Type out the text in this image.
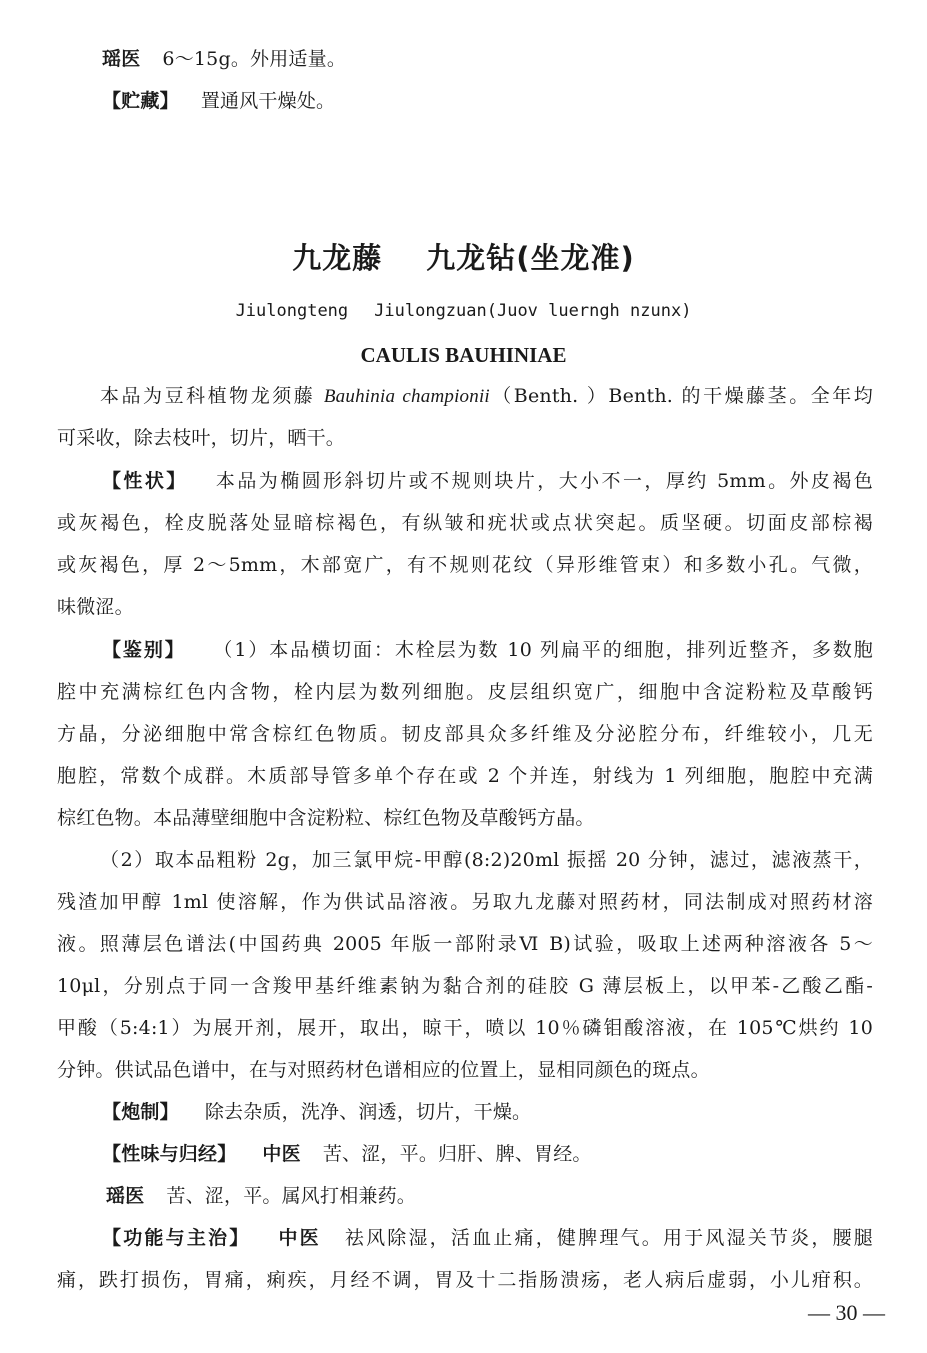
瑶医 6～15g。外用适量。
【贮藏】 置通风干燥处。
九龙藤 九龙钻(坐龙准)
Jiulongteng Jiulongzuan(Juov luerngh nzunx)
CAULIS BAUHINIAE
本品为豆科植物龙须藤 Bauhinia championii（Benth. ）Benth. 的干燥藤茎。全年均
可采收，除去枝叶，切片，晒干。
【性状】 本品为椭圆形斜切片或不规则块片，大小不一，厚约 5mm。外皮褐色
或灰褐色，栓皮脱落处显暗棕褐色，有纵皱和疣状或点状突起。质坚硬。切面皮部棕褐
或灰褐色，厚 2～5mm，木部宽广，有不规则花纹（异形维管束）和多数小孔。气微，
味微涩。
【鉴别】 （1）本品横切面：木栓层为数 10 列扁平的细胞，排列近整齐，多数胞
腔中充满棕红色内含物，栓内层为数列细胞。皮层组织宽广，细胞中含淀粉粒及草酸钙
方晶，分泌细胞中常含棕红色物质。韧皮部具众多纤维及分泌腔分布，纤维较小，几无
胞腔，常数个成群。木质部导管多单个存在或 2 个并连，射线为 1 列细胞，胞腔中充满
棕红色物。本品薄壁细胞中含淀粉粒、棕红色物及草酸钙方晶。
（2）取本品粗粉 2g，加三氯甲烷-甲醇(8:2)20ml 振摇 20 分钟，滤过，滤液蒸干，
残渣加甲醇 1ml 使溶解，作为供试品溶液。另取九龙藤对照药材，同法制成对照药材溶
液。照薄层色谱法(中国药典 2005 年版一部附录Ⅵ B)试验，吸取上述两种溶液各 5～
10μl，分别点于同一含羧甲基纤维素钠为黏合剂的硅胶 G 薄层板上，以甲苯-乙酸乙酯-
甲酸（5:4:1）为展开剂，展开，取出，晾干，喷以 10％磷钼酸溶液，在 105℃烘约 10
分钟。供试品色谱中，在与对照药材色谱相应的位置上，显相同颜色的斑点。
【炮制】 除去杂质，洗净、润透，切片，干燥。
【性味与归经】 中医 苦、涩，平。归肝、脾、胃经。
瑶医 苦、涩，平。属风打相兼药。
【功能与主治】 中医 祛风除湿，活血止痛，健脾理气。用于风湿关节炎，腰腿
痛，跌打损伤，胃痛，痢疾，月经不调，胃及十二指肠溃疡，老人病后虚弱，小儿疳积。
— 30 —
